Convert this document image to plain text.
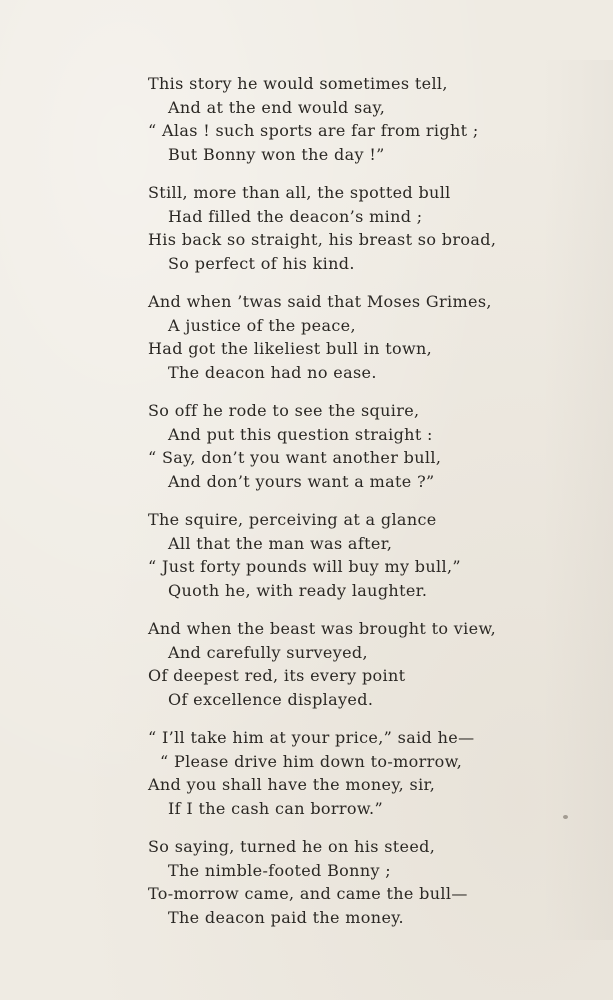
This story he would sometimes tell,
And at the end would say,
“ Alas ! such sports are far from right ;
But Bonny won the day !”
Still, more than all, the spotted bull
Had filled the deacon’s mind ;
His back so straight, his breast so broad,
So perfect of his kind.
And when ’twas said that Moses Grimes,
A justice of the peace,
Had got the likeliest bull in town,
The deacon had no ease.
So off he rode to see the squire,
And put this question straight :
“ Say, don’t you want another bull,
And don’t yours want a mate ?”
The squire, perceiving at a glance
All that the man was after,
“ Just forty pounds will buy my bull,”
Quoth he, with ready laughter.
And when the beast was brought to view,
And carefully surveyed,
Of deepest red, its every point
Of excellence displayed.
“ I’ll take him at your price,” said he—
“ Please drive him down to-morrow,
And you shall have the money, sir,
If I the cash can borrow.”
So saying, turned he on his steed,
The nimble-footed Bonny ;
To-morrow came, and came the bull—
The deacon paid the money.
